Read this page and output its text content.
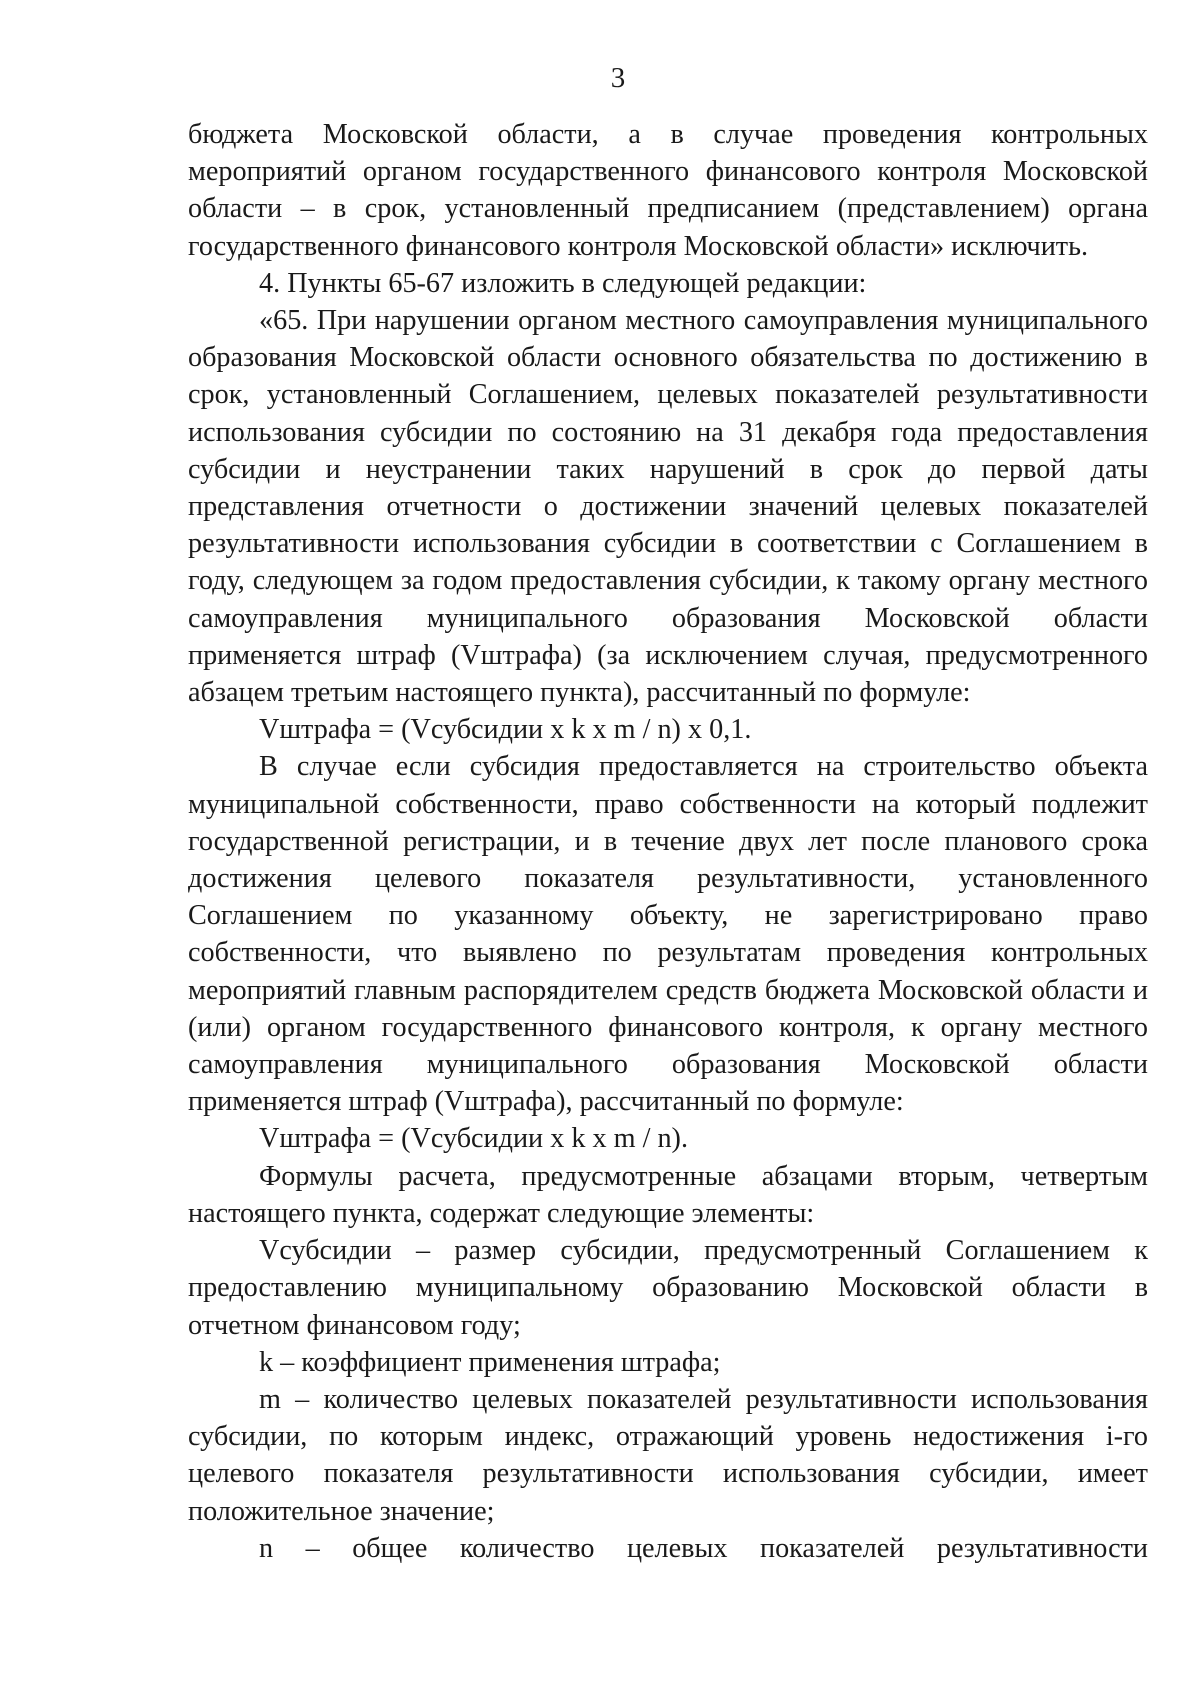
3

бюджета Московской области, а в случае проведения контрольных мероприятий органом государственного финансового контроля Московской области – в срок, установленный предписанием (представлением) органа государственного финансового контроля Московской области» исключить.

4. Пункты 65-67 изложить в следующей редакции:

«65. При нарушении органом местного самоуправления муниципального образования Московской области основного обязательства по достижению в срок, установленный Соглашением, целевых показателей результативности использования субсидии по состоянию на 31 декабря года предоставления субсидии и неустранении таких нарушений в срок до первой даты представления отчетности о достижении значений целевых показателей результативности использования субсидии в соответствии с Соглашением в году, следующем за годом предоставления субсидии, к такому органу местного самоуправления муниципального образования Московской области применяется штраф (Vштрафа) (за исключением случая, предусмотренного абзацем третьим настоящего пункта), рассчитанный по формуле:

Vштрафа = (Vсубсидии х k х m / n) х 0,1.

В случае если субсидия предоставляется на строительство объекта муниципальной собственности, право собственности на который подлежит государственной регистрации, и в течение двух лет после планового срока достижения целевого показателя результативности, установленного Соглашением по указанному объекту, не зарегистрировано право собственности, что выявлено по результатам проведения контрольных мероприятий главным распорядителем средств бюджета Московской области и (или) органом государственного финансового контроля, к органу местного самоуправления муниципального образования Московской области применяется штраф (Vштрафа), рассчитанный по формуле:

Vштрафа = (Vсубсидии х k х m / n).

Формулы расчета, предусмотренные абзацами вторым, четвертым настоящего пункта, содержат следующие элементы:

Vсубсидии – размер субсидии, предусмотренный Соглашением к предоставлению муниципальному образованию Московской области в отчетном финансовом году;

k – коэффициент применения штрафа;

m – количество целевых показателей результативности использования субсидии, по которым индекс, отражающий уровень недостижения i-го целевого показателя результативности использования субсидии, имеет положительное значение;

n – общее количество целевых показателей результативности
